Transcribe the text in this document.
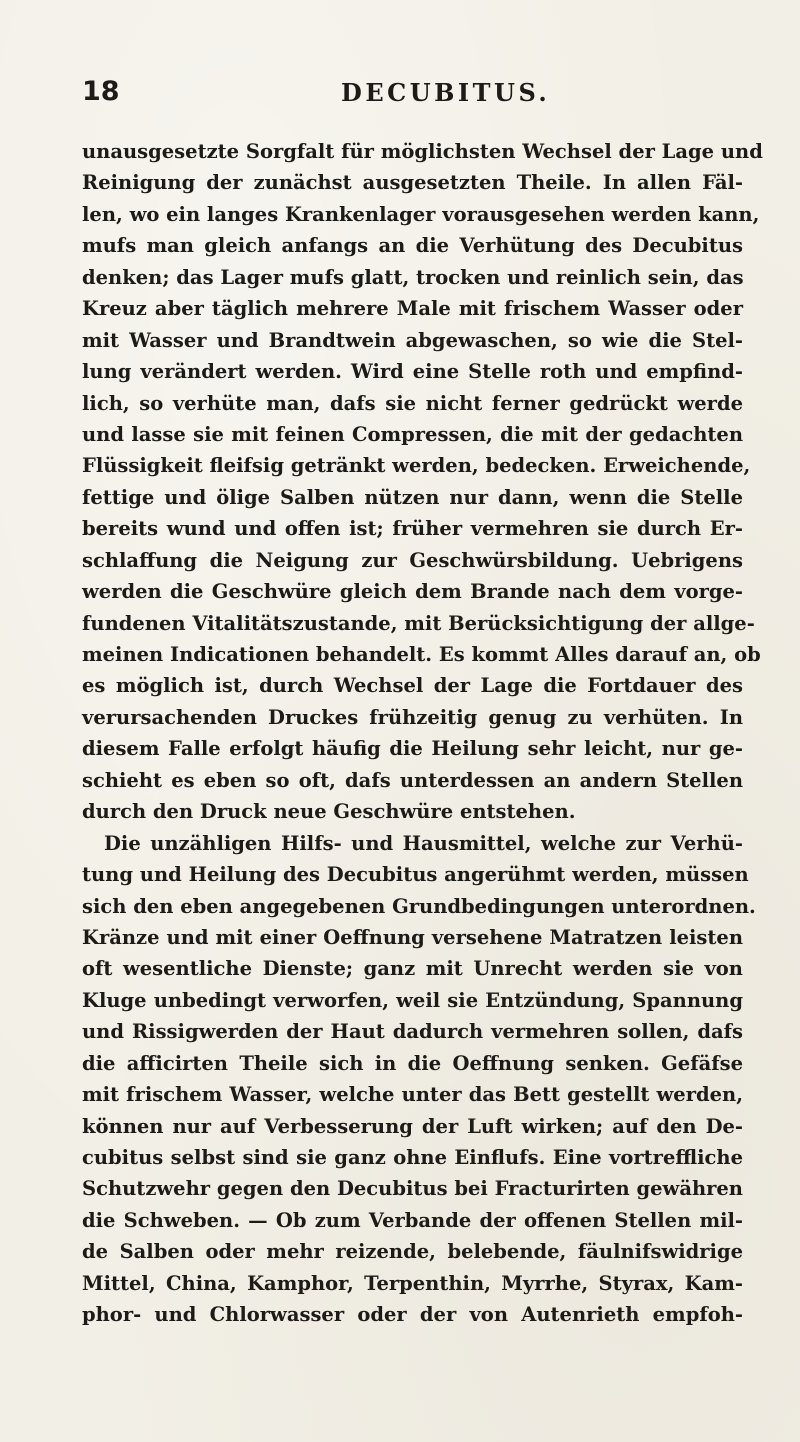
18	DECUBITUS.
unausgesetzte Sorgfalt für möglichsten Wechsel der Lage und
Reinigung der zunächst ausgesetzten Theile. In allen Fäl-
len, wo ein langes Krankenlager vorausgesehen werden kann,
mufs man gleich anfangs an die Verhütung des Decubitus
denken; das Lager mufs glatt, trocken und reinlich sein, das
Kreuz aber täglich mehrere Male mit frischem Wasser oder
mit Wasser und Brandtwein abgewaschen, so wie die Stel-
lung verändert werden. Wird eine Stelle roth und empfind-
lich, so verhüte man, dafs sie nicht ferner gedrückt werde
und lasse sie mit feinen Compressen, die mit der gedachten
Flüssigkeit fleifsig getränkt werden, bedecken. Erweichende,
fettige und ölige Salben nützen nur dann, wenn die Stelle
bereits wund und offen ist; früher vermehren sie durch Er-
schlaffung die Neigung zur Geschwürsbildung. Uebrigens
werden die Geschwüre gleich dem Brande nach dem vorge-
fundenen Vitalitätszustande, mit Berücksichtigung der allge-
meinen Indicationen behandelt. Es kommt Alles darauf an, ob
es möglich ist, durch Wechsel der Lage die Fortdauer des
verursachenden Druckes frühzeitig genug zu verhüten. In
diesem Falle erfolgt häufig die Heilung sehr leicht, nur ge-
schieht es eben so oft, dafs unterdessen an andern Stellen
durch den Druck neue Geschwüre entstehen.
Die unzähligen Hilfs- und Hausmittel, welche zur Verhü-
tung und Heilung des Decubitus angerühmt werden, müssen
sich den eben angegebenen Grundbedingungen unterordnen.
Kränze und mit einer Oeffnung versehene Matratzen leisten
oft wesentliche Dienste; ganz mit Unrecht werden sie von
Kluge unbedingt verworfen, weil sie Entzündung, Spannung
und Rissigwerden der Haut dadurch vermehren sollen, dafs
die afficirten Theile sich in die Oeffnung senken. Gefäfse
mit frischem Wasser, welche unter das Bett gestellt werden,
können nur auf Verbesserung der Luft wirken; auf den De-
cubitus selbst sind sie ganz ohne Einflufs. Eine vortreffliche
Schutzwehr gegen den Decubitus bei Fracturirten gewähren
die Schweben. — Ob zum Verbande der offenen Stellen mil-
de Salben oder mehr reizende, belebende, fäulnifswidrige
Mittel, China, Kamphor, Terpenthin, Myrrhe, Styrax, Kam-
phor- und Chlorwasser oder der von Autenrieth empfoh-
